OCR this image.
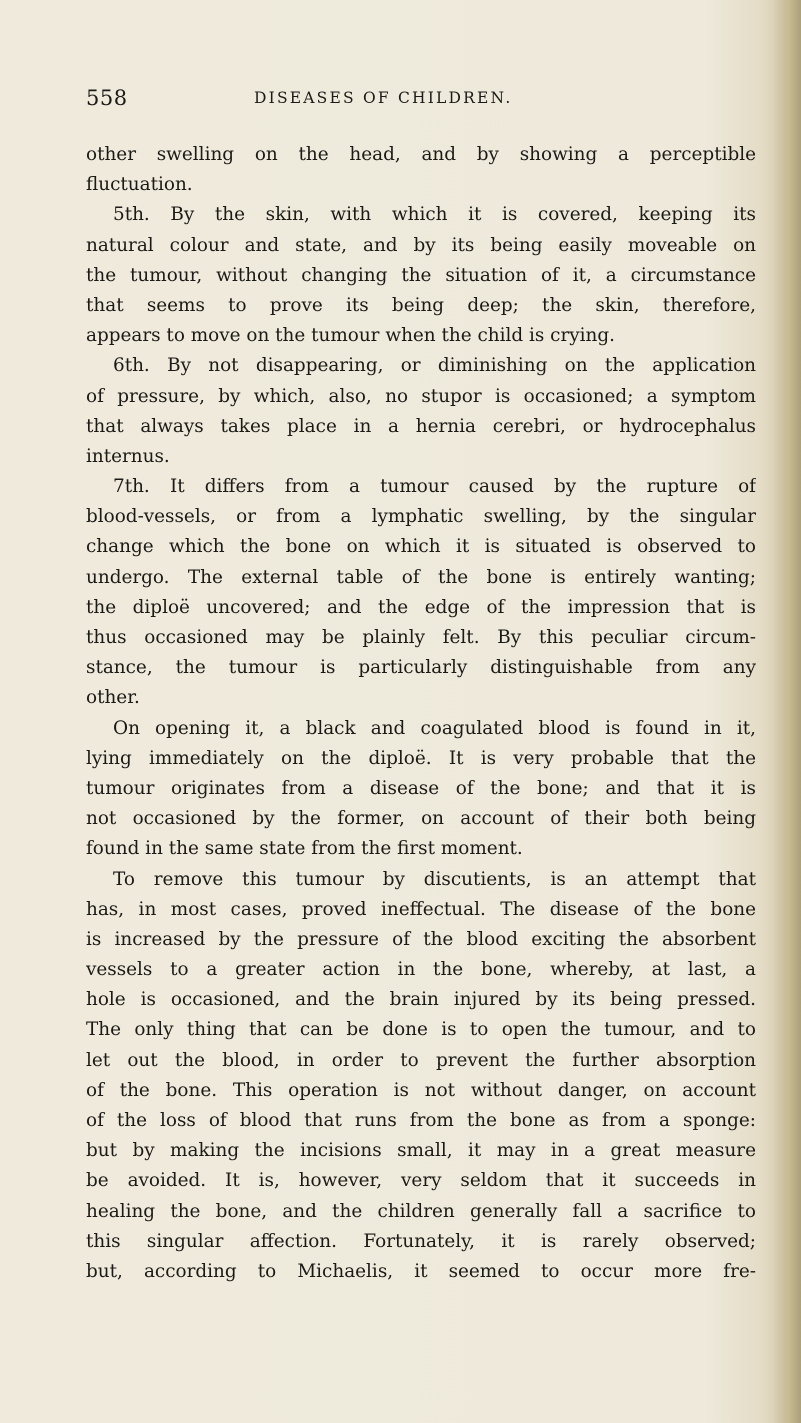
558	DISEASES OF CHILDREN.
other swelling on the head, and by showing a perceptible
fluctuation.
5th. By the skin, with which it is covered, keeping its
natural colour and state, and by its being easily moveable on
the tumour, without changing the situation of it, a circumstance
that seems to prove its being deep; the skin, therefore,
appears to move on the tumour when the child is crying.
6th. By not disappearing, or diminishing on the application
of pressure, by which, also, no stupor is occasioned; a symptom
that always takes place in a hernia cerebri, or hydrocephalus
internus.
7th. It differs from a tumour caused by the rupture of
blood-vessels, or from a lymphatic swelling, by the singular
change which the bone on which it is situated is observed to
undergo. The external table of the bone is entirely wanting;
the diploë uncovered; and the edge of the impression that is
thus occasioned may be plainly felt. By this peculiar circum-
stance, the tumour is particularly distinguishable from any
other.
On opening it, a black and coagulated blood is found in it,
lying immediately on the diploë. It is very probable that the
tumour originates from a disease of the bone; and that it is
not occasioned by the former, on account of their both being
found in the same state from the first moment.
To remove this tumour by discutients, is an attempt that
has, in most cases, proved ineffectual. The disease of the bone
is increased by the pressure of the blood exciting the absorbent
vessels to a greater action in the bone, whereby, at last, a
hole is occasioned, and the brain injured by its being pressed.
The only thing that can be done is to open the tumour, and to
let out the blood, in order to prevent the further absorption
of the bone. This operation is not without danger, on account
of the loss of blood that runs from the bone as from a sponge:
but by making the incisions small, it may in a great measure
be avoided. It is, however, very seldom that it succeeds in
healing the bone, and the children generally fall a sacrifice to
this singular affection. Fortunately, it is rarely observed;
but, according to Michaelis, it seemed to occur more fre-
